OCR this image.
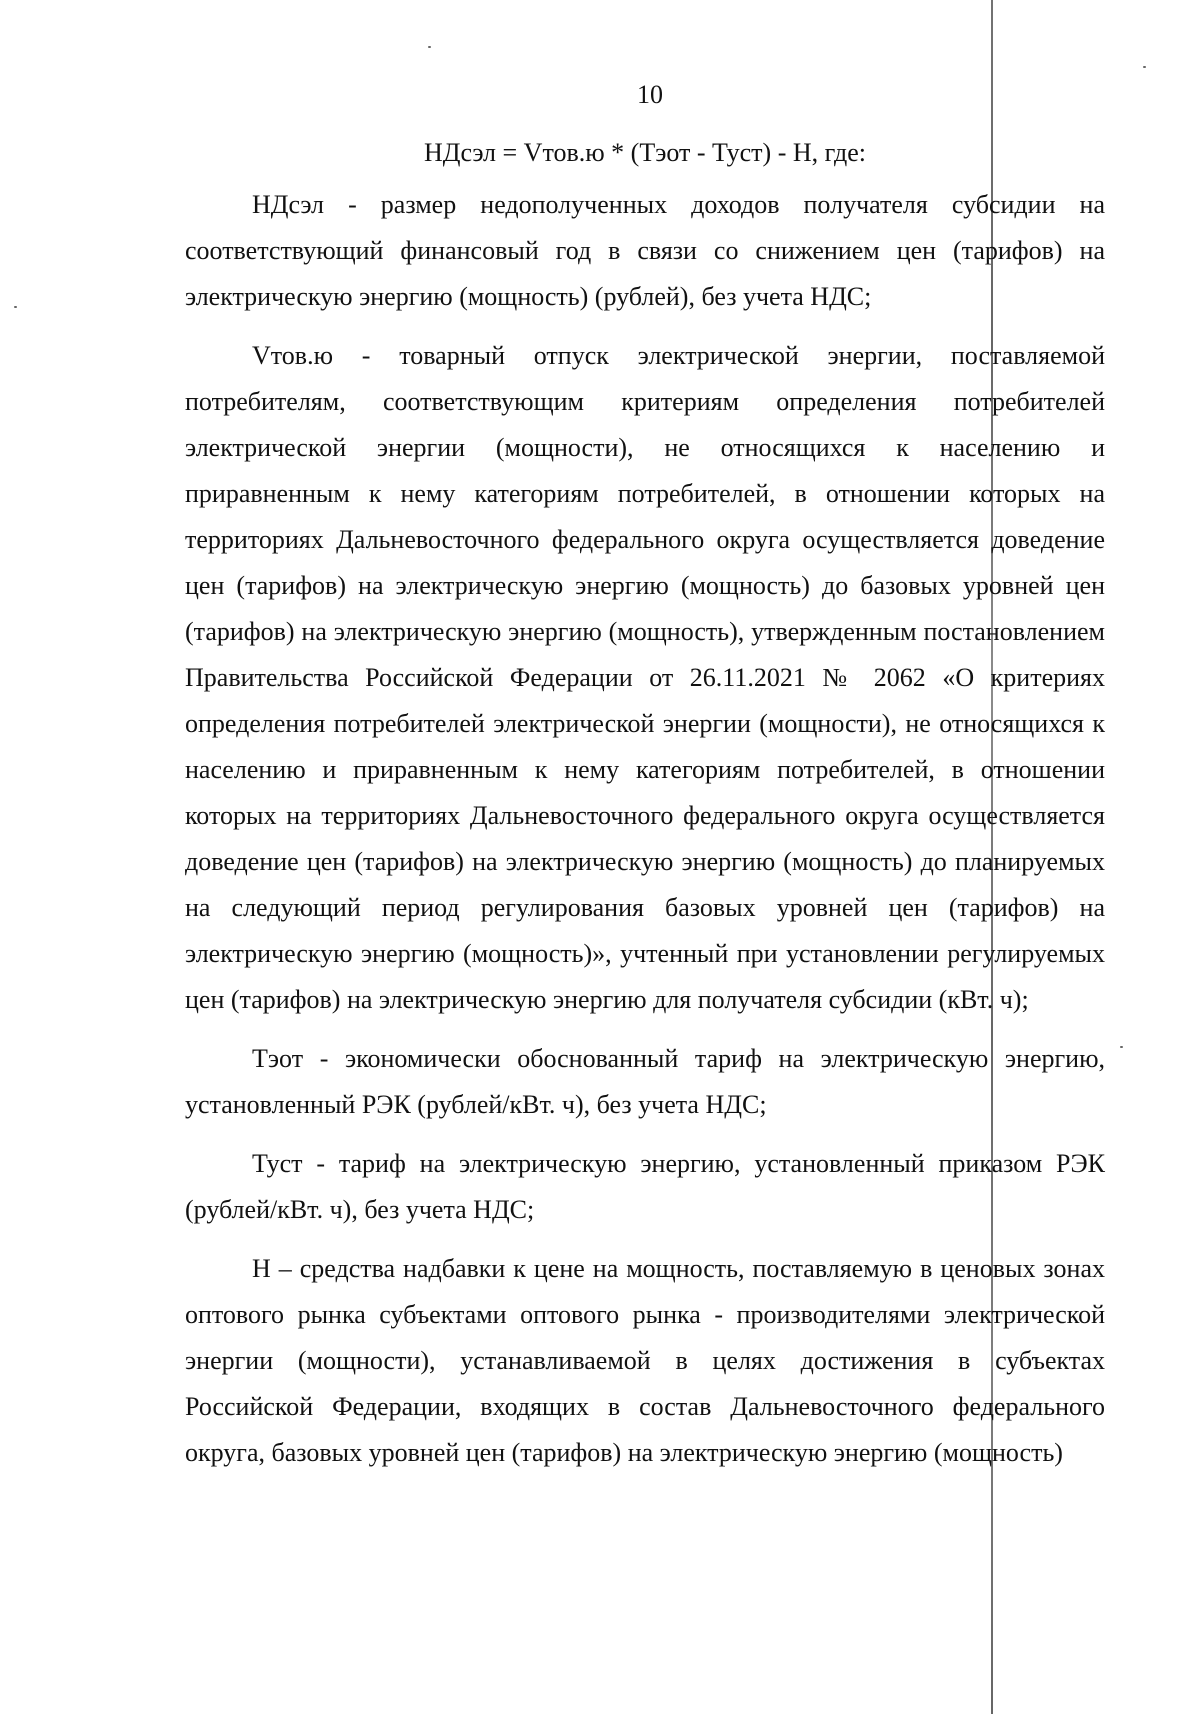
10
НДсэл = Vтов.ю * (Тэот - Туст) - Н, где:

НДсэл - размер недополученных доходов получателя субсидии на соответствующий финансовый год в связи со снижением цен (тарифов) на электрическую энергию (мощность) (рублей), без учета НДС;

Vтов.ю - товарный отпуск электрической энергии, поставляемой потребителям, соответствующим критериям определения потребителей электрической энергии (мощности), не относящихся к населению и приравненным к нему категориям потребителей, в отношении которых на территориях Дальневосточного федерального округа осуществляется доведение цен (тарифов) на электрическую энергию (мощность) до базовых уровней цен (тарифов) на электрическую энергию (мощность), утвержденным постановлением Правительства Российской Федерации от 26.11.2021 № 2062 «О критериях определения потребителей электрической энергии (мощности), не относящихся к населению и приравненным к нему категориям потребителей, в отношении которых на территориях Дальневосточного федерального округа осуществляется доведение цен (тарифов) на электрическую энергию (мощность) до планируемых на следующий период регулирования базовых уровней цен (тарифов) на электрическую энергию (мощность)», учтенный при установлении регулируемых цен (тарифов) на электрическую энергию для получателя субсидии (кВт. ч);

Тэот - экономически обоснованный тариф на электрическую энергию, установленный РЭК (рублей/кВт. ч), без учета НДС;

Туст - тариф на электрическую энергию, установленный приказом РЭК (рублей/кВт. ч), без учета НДС;

Н – средства надбавки к цене на мощность, поставляемую в ценовых зонах оптового рынка субъектами оптового рынка - производителями электрической энергии (мощности), устанавливаемой в целях достижения в субъектах Российской Федерации, входящих в состав Дальневосточного федерального округа, базовых уровней цен (тарифов) на электрическую энергию (мощность)
